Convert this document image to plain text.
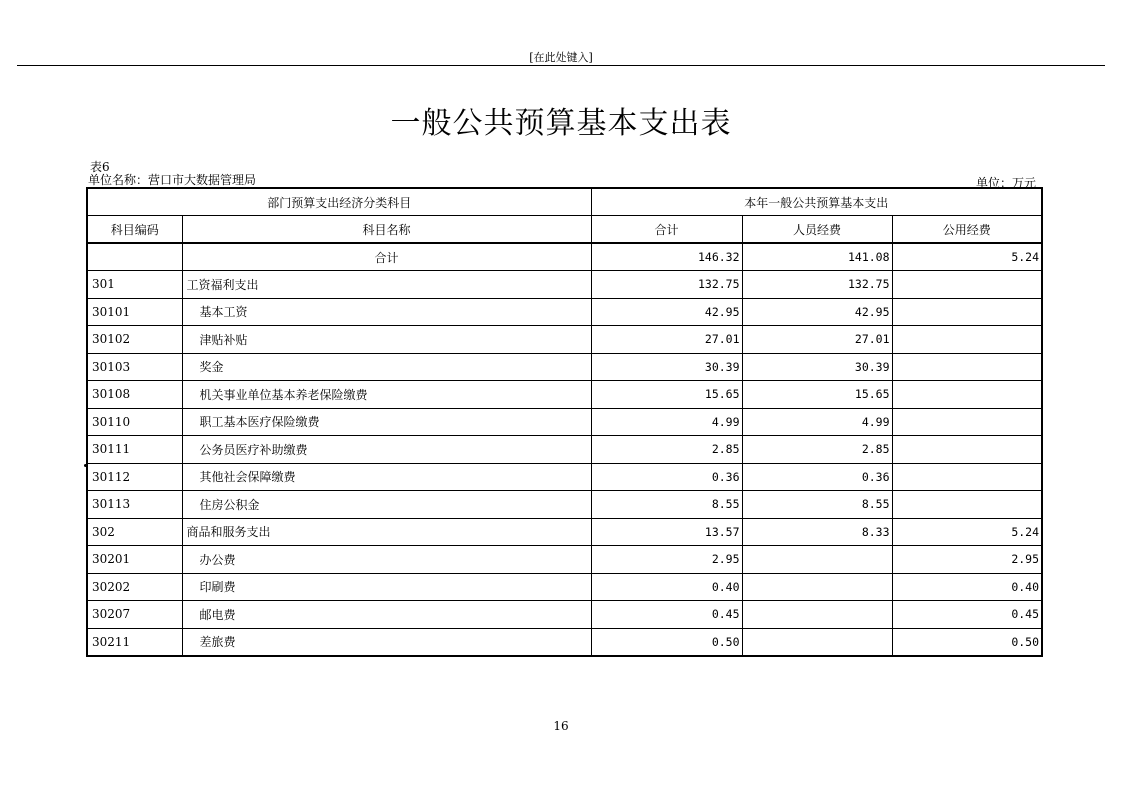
[在此处键入]
一般公共预算基本支出表
表6
单位名称：营口市大数据管理局	单位：万元
部门预算支出经济分类科目		本年一般公共预算基本支出		
科目编码	科目名称	合计	人员经费	公用经费
	合计	146.32	141.08	5.24
301	工资福利支出	132.75	132.75	
30101	基本工资	42.95	42.95	
30102	津贴补贴	27.01	27.01	
30103	奖金	30.39	30.39	
30108	机关事业单位基本养老保险缴费	15.65	15.65	
30110	职工基本医疗保险缴费	4.99	4.99	
30111	公务员医疗补助缴费	2.85	2.85	
30112	其他社会保障缴费	0.36	0.36	
30113	住房公积金	8.55	8.55	
302	商品和服务支出	13.57	8.33	5.24
30201	办公费	2.95		2.95
30202	印刷费	0.40		0.40
30207	邮电费	0.45		0.45
30211	差旅费	0.50		0.50
16
